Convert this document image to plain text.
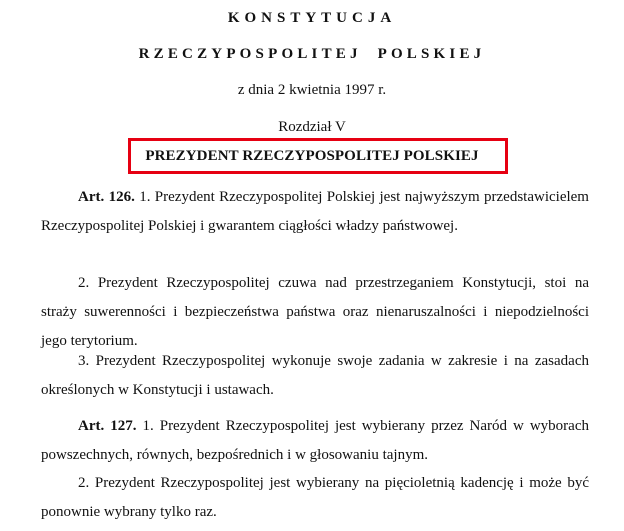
KONSTYTUCJA
RZECZYPOSPOLITEJ  POLSKIEJ
z dnia 2 kwietnia 1997 r.
Rozdział V
PREZYDENT RZECZYPOSPOLITEJ POLSKIEJ
Art. 126. 1. Prezydent Rzeczypospolitej Polskiej jest najwyższym przedstawicielem Rzeczypospolitej Polskiej i gwarantem ciągłości władzy państwowej.
2. Prezydent Rzeczypospolitej czuwa nad przestrzeganiem Konstytucji, stoi na straży suwerenności i bezpieczeństwa państwa oraz nienaruszalności i niepodzielności jego terytorium.
3. Prezydent Rzeczypospolitej wykonuje swoje zadania w zakresie i na zasadach określonych w Konstytucji i ustawach.
Art. 127. 1. Prezydent Rzeczypospolitej jest wybierany przez Naród w wyborach powszechnych, równych, bezpośrednich i w głosowaniu tajnym.
2. Prezydent Rzeczypospolitej jest wybierany na pięcioletnią kadencję i może być ponownie wybrany tylko raz.
